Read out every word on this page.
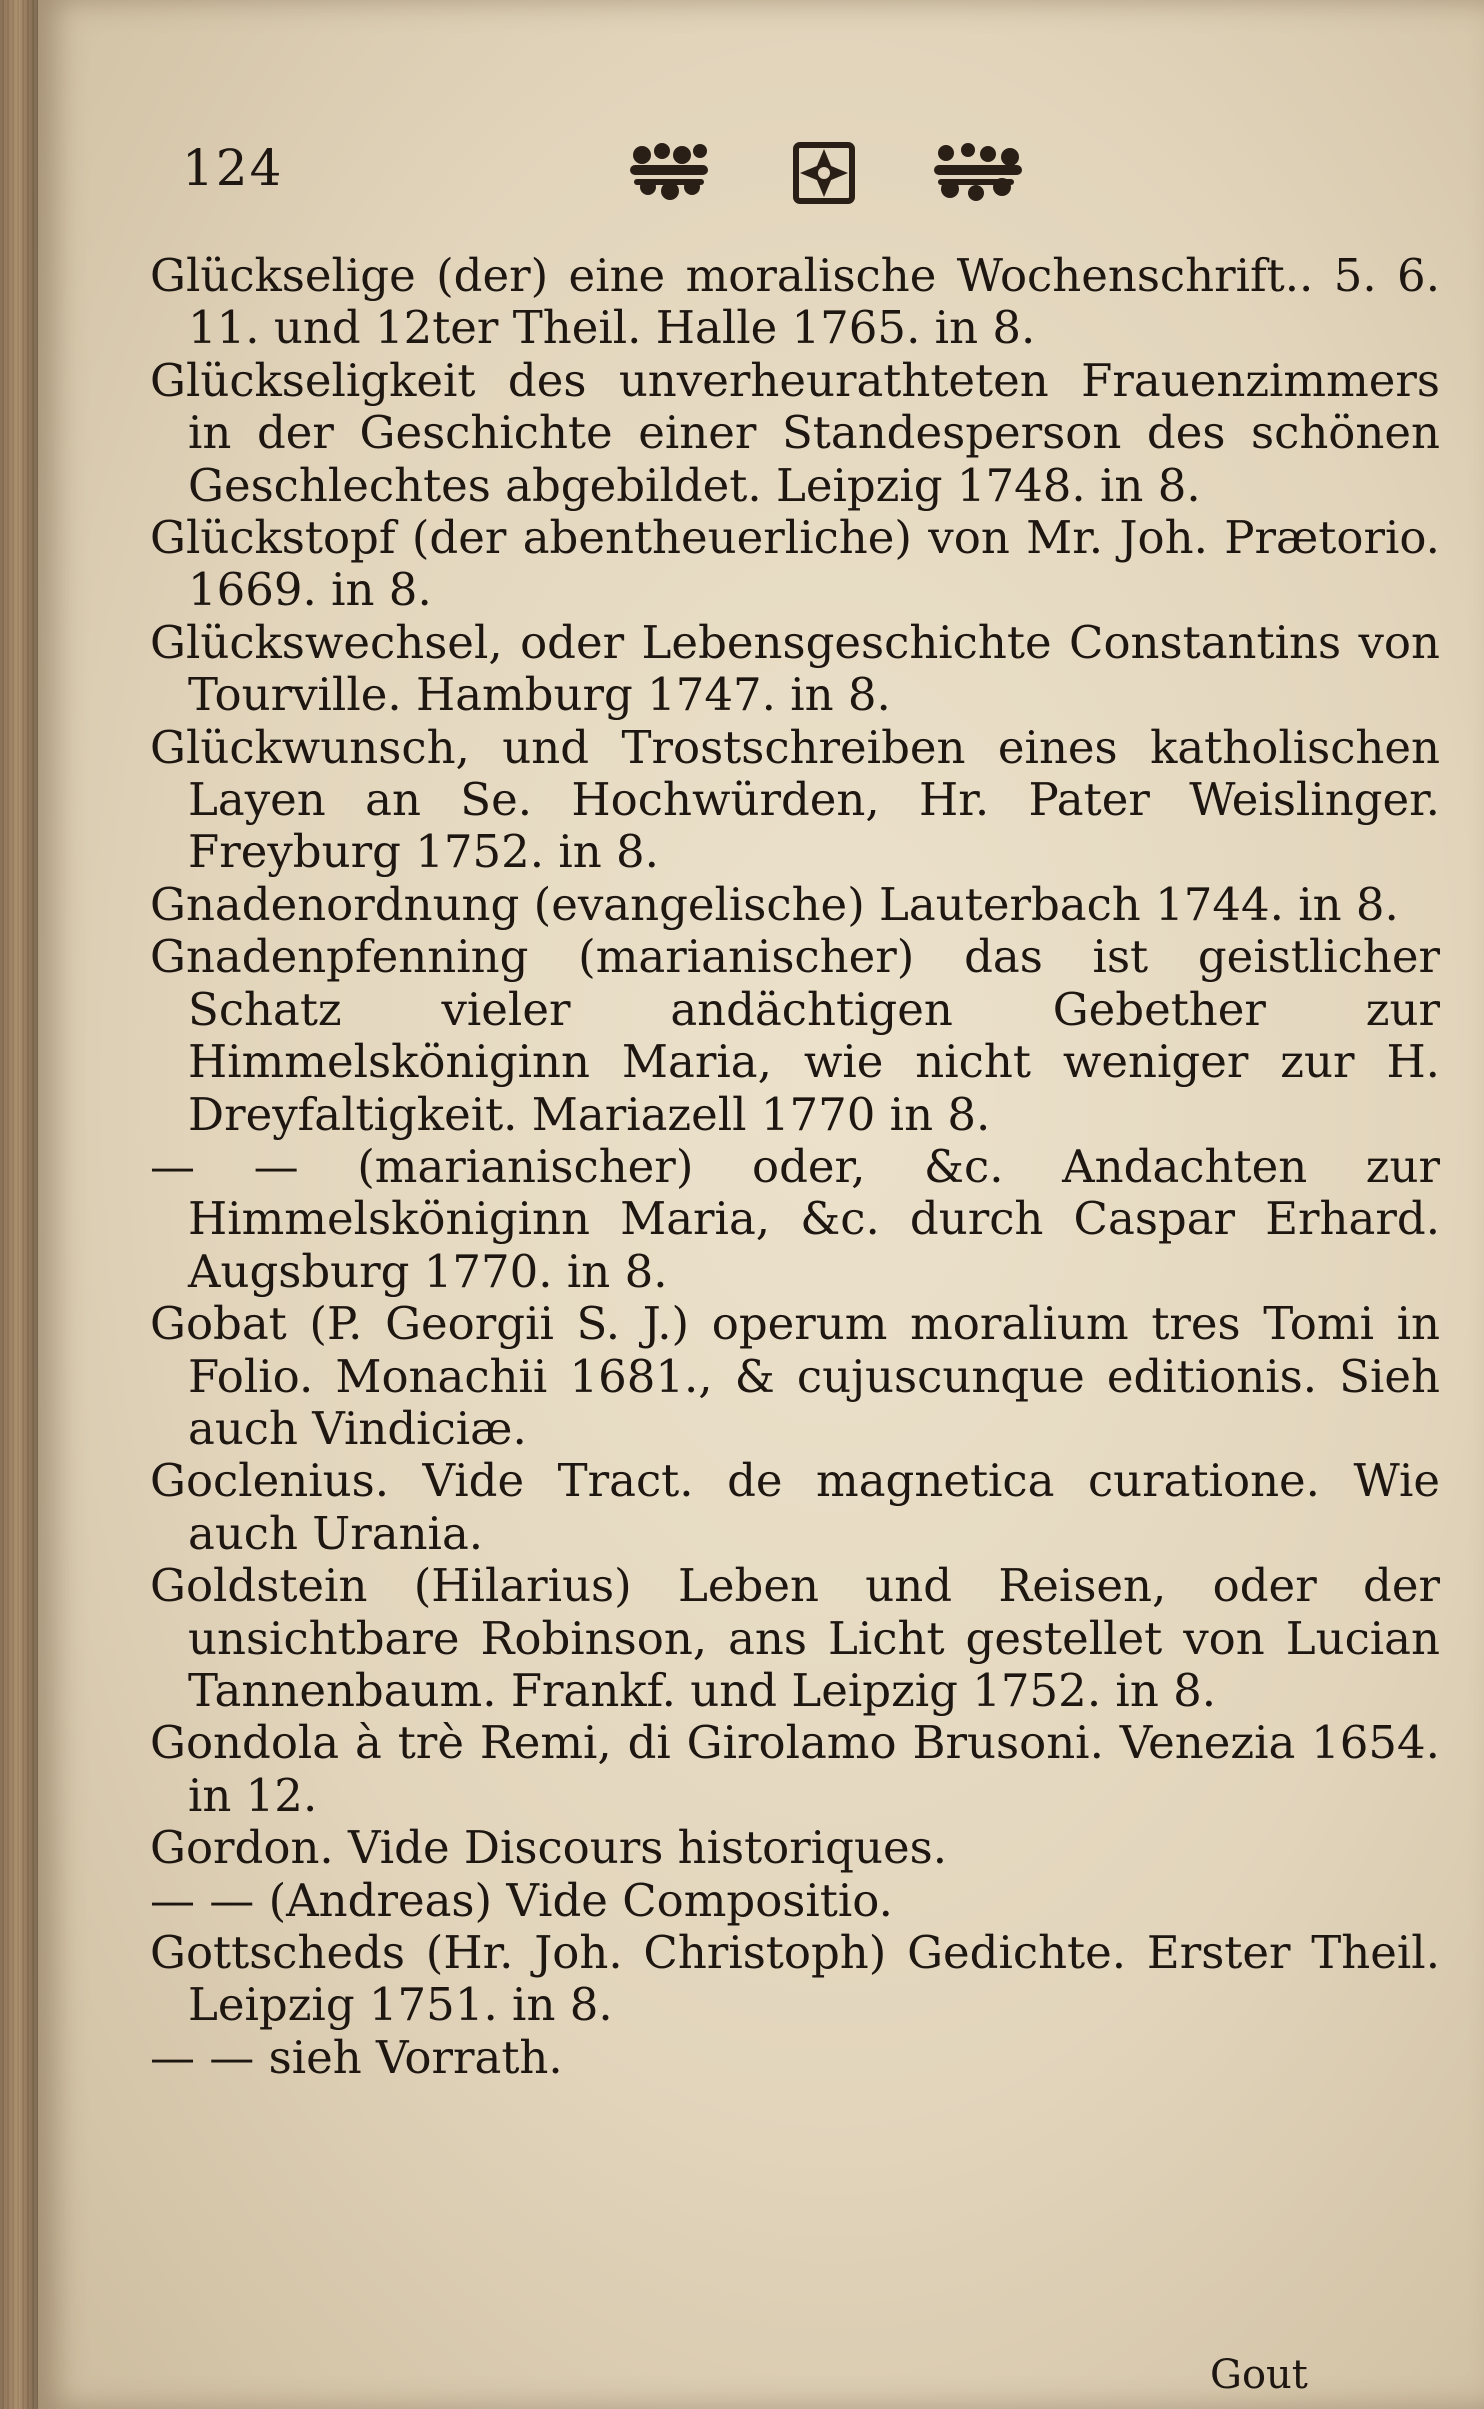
124

Glückselige (der) eine moralische Wochenschrift.. 5. 6. 11. und 12ter Theil. Halle 1765. in 8.

Glückseligkeit des unverheurathteten Frauenzimmers in der Geschichte einer Standesperson des schönen Geschlechtes abgebildet. Leipzig 1748. in 8.

Glückstopf (der abentheuerliche) von Mr. Joh. Prætorio. 1669. in 8.

Glückswechsel, oder Lebensgeschichte Constantins von Tourville. Hamburg 1747. in 8.

Glückwunsch, und Trostschreiben eines katholischen Layen an Se. Hochwürden, Hr. Pater Weislinger. Freyburg 1752. in 8.

Gnadenordnung (evangelische) Lauterbach 1744. in 8.

Gnadenpfenning (marianischer) das ist geistlicher Schatz vieler andächtigen Gebether zur Himmelsköniginn Maria, wie nicht weniger zur H. Dreyfaltigkeit. Mariazell 1770 in 8.

— — (marianischer) oder, &c. Andachten zur Himmelsköniginn Maria, &c. durch Caspar Erhard. Augsburg 1770. in 8.

Gobat (P. Georgii S. J.) operum moralium tres Tomi in Folio. Monachii 1681., & cujuscunque editionis. Sieh auch Vindiciæ.

Goclenius. Vide Tract. de magnetica curatione. Wie auch Urania.

Goldstein (Hilarius) Leben und Reisen, oder der unsichtbare Robinson, ans Licht gestellet von Lucian Tannenbaum. Frankf. und Leipzig 1752. in 8.

Gondola à trè Remi, di Girolamo Brusoni. Venezia 1654. in 12.

Gordon. Vide Discours historiques.

— — (Andreas) Vide Compositio.

Gottscheds (Hr. Joh. Christoph) Gedichte. Erster Theil. Leipzig 1751. in 8.

— — sieh Vorrath.

Gout
